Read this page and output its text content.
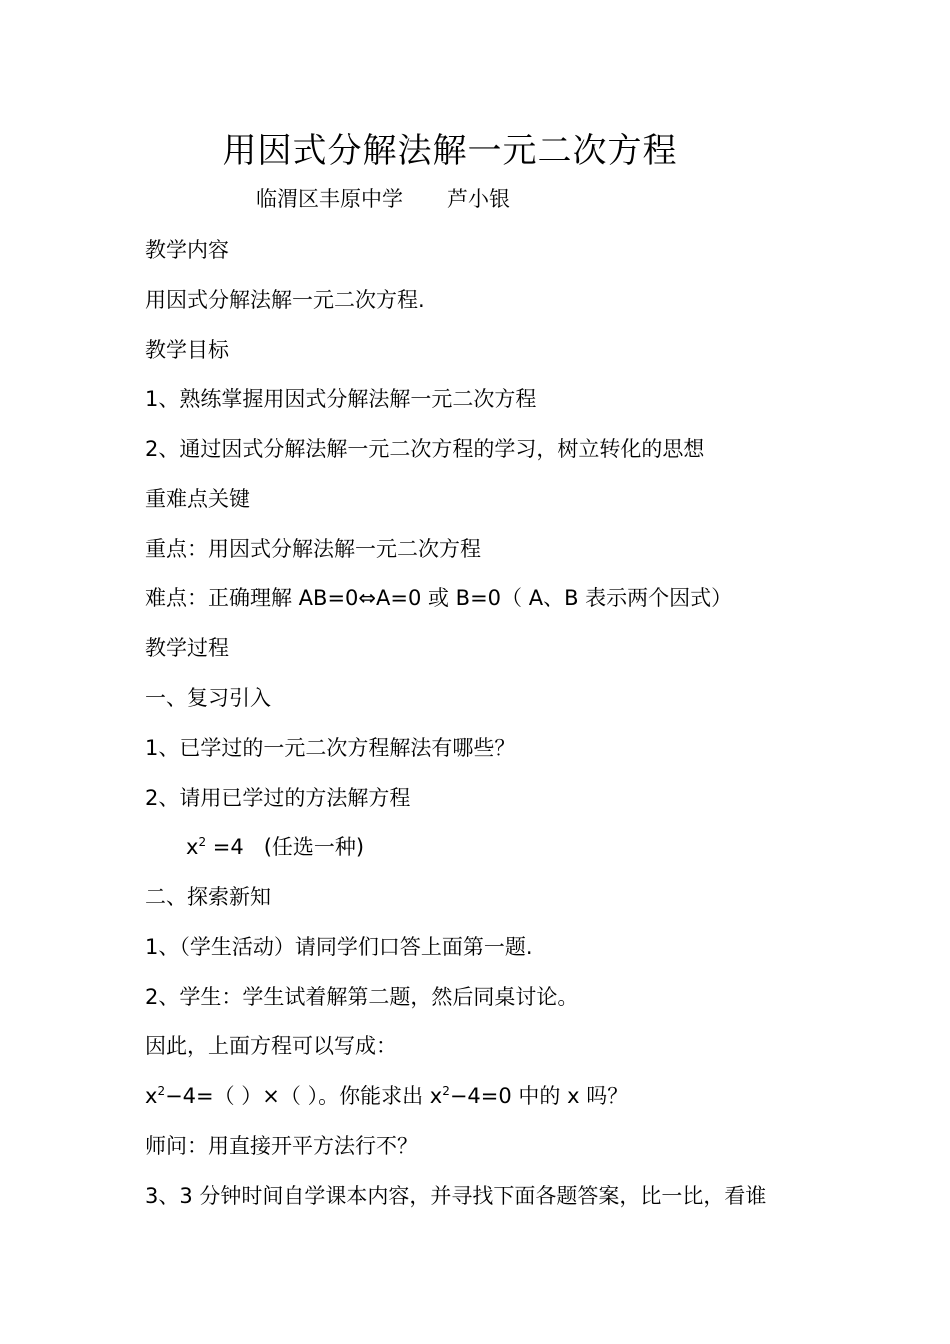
用因式分解法解一元二次方程
临渭区丰原中学 芦小银
教学内容
用因式分解法解一元二次方程.
教学目标
1、熟练掌握用因式分解法解一元二次方程
2、通过因式分解法解一元二次方程的学习，树立转化的思想
重难点关键
重点：用因式分解法解一元二次方程
难点：正确理解 AB=0⇔A=0 或 B=0（ A、B 表示两个因式）
教学过程
一、复习引入
1、已学过的一元二次方程解法有哪些？
2、请用已学过的方法解方程
$x^2 =4$ (任选一种)
二、探索新知
1、（学生活动）请同学们口答上面第一题.
2、学生：学生试着解第二题，然后同桌讨论。
因此，上面方程可以写成：
$x^2-4=$（ ）×（ ）。你能求出 $x^2-4=0$ 中的 x 吗？
师问：用直接开平方法行不？
3、3 分钟时间自学课本内容，并寻找下面各题答案，比一比，看谁
